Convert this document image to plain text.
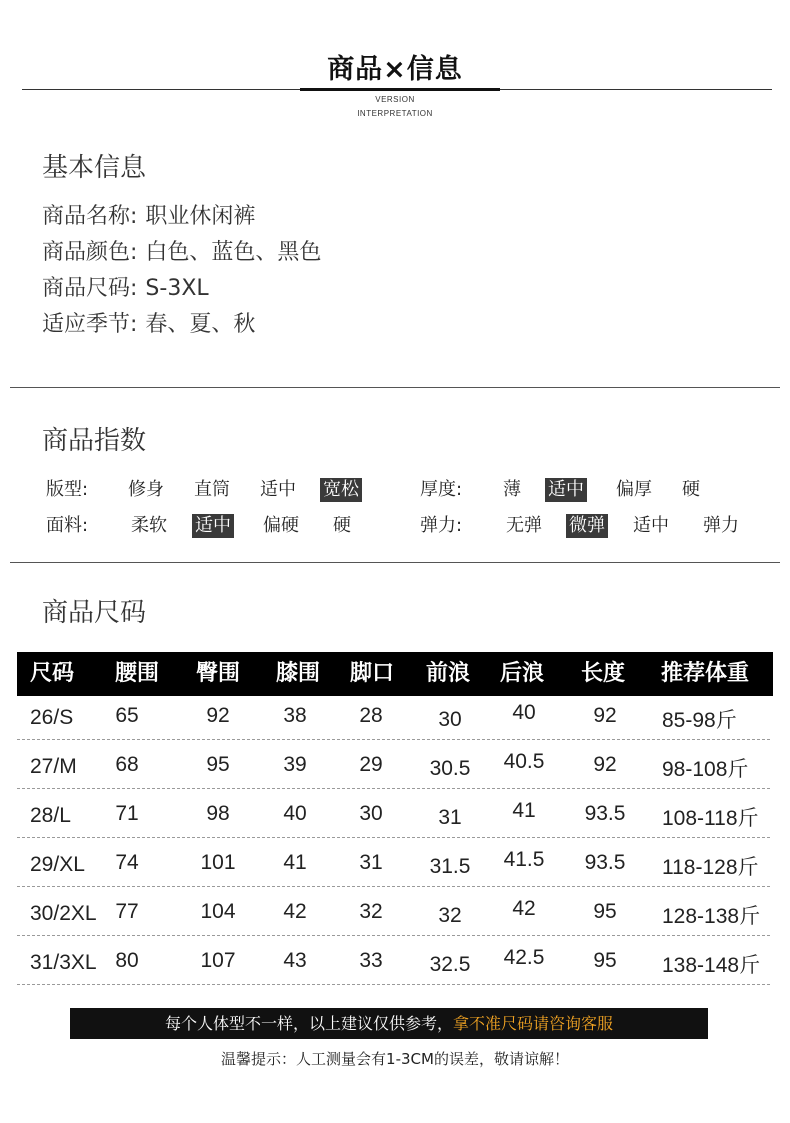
商品×信息
VERSION
INTERPRETATION
基本信息
商品名称: 职业休闲裤
商品颜色: 白色、蓝色、黑色
商品尺码: S-3XL
适应季节: 春、夏、秋
商品指数
版型: 修身 直筒 适中 宽松	厚度: 薄 适中 偏厚 硬
面料: 柔软 适中 偏硬 硬	弹力: 无弹 微弹 适中 弹力
商品尺码
尺码 腰围 臀围 膝围 脚口 前浪 后浪 长度 推荐体重
26/S	65	92	38	28	30	40	92	85-98斤
27/M	68	95	39	29	30.5	40.5	92	98-108斤
28/L	71	98	40	30	31	41	93.5	108-118斤
29/XL	74	101	41	31	31.5	41.5	93.5	118-128斤
30/2XL 77	104	42	32	32	42	95	128-138斤
31/3XL 80	107	43	33	32.5	42.5	95	138-148斤
每个人体型不一样，以上建议仅供参考，拿不准尺码请咨询客服
温馨提示：人工测量会有1-3CM的误差，敬请谅解！
